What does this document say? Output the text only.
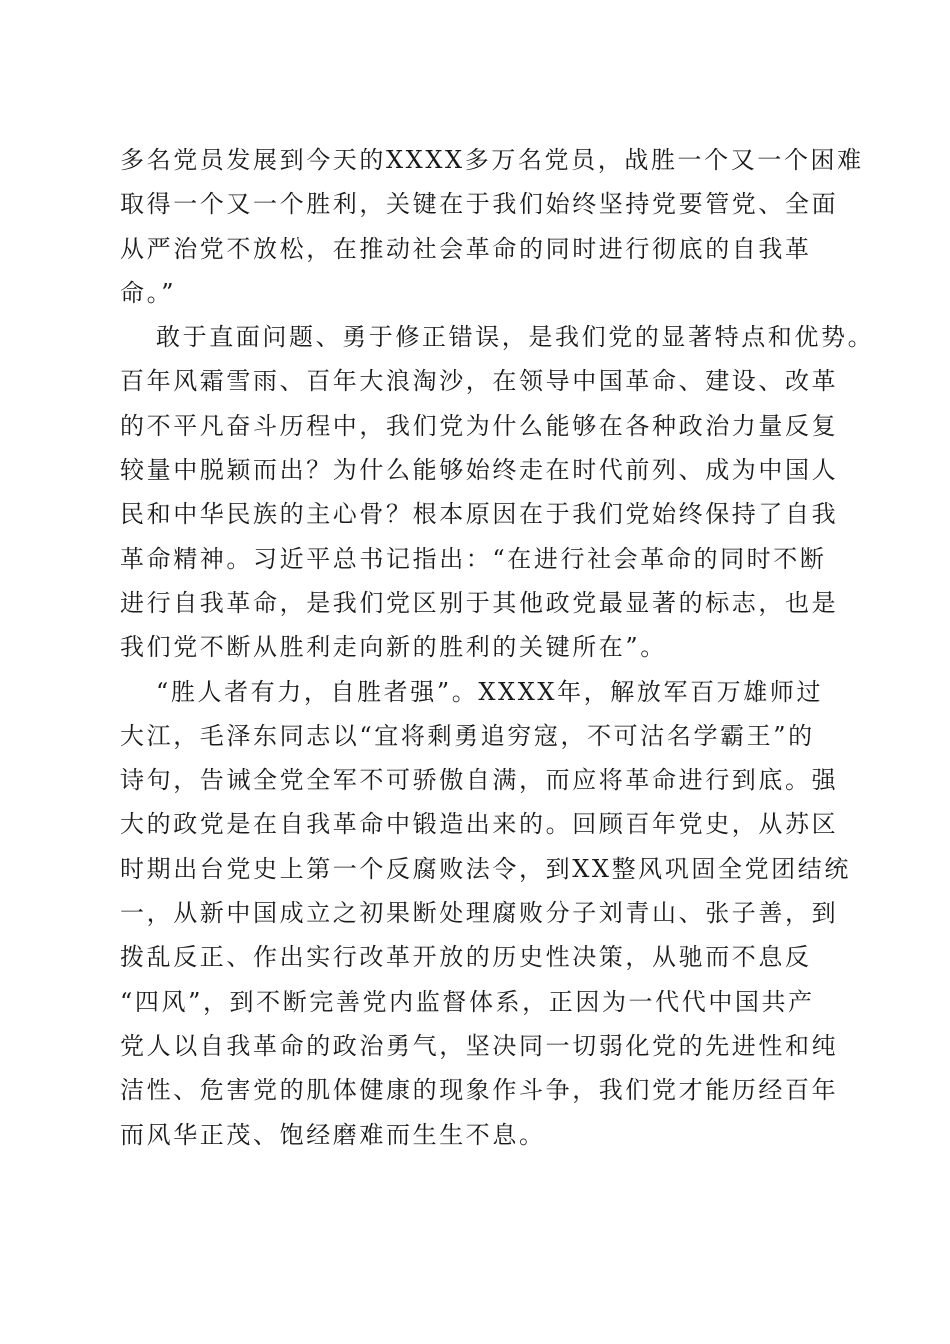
多名党员发展到今天的XXXX多万名党员，战胜一个又一个困难
取得一个又一个胜利，关键在于我们始终坚持党要管党、全面
从严治党不放松，在推动社会革命的同时进行彻底的自我革
命。”
敢于直面问题、勇于修正错误，是我们党的显著特点和优势。
百年风霜雪雨、百年大浪淘沙，在领导中国革命、建设、改革
的不平凡奋斗历程中，我们党为什么能够在各种政治力量反复
较量中脱颖而出？为什么能够始终走在时代前列、成为中国人
民和中华民族的主心骨？根本原因在于我们党始终保持了自我
革命精神。习近平总书记指出：“在进行社会革命的同时不断
进行自我革命，是我们党区别于其他政党最显著的标志，也是
我们党不断从胜利走向新的胜利的关键所在”。
“胜人者有力，自胜者强”。XXXX年，解放军百万雄师过
大江，毛泽东同志以“宜将剩勇追穷寇，不可沽名学霸王”的
诗句，告诫全党全军不可骄傲自满，而应将革命进行到底。强
大的政党是在自我革命中锻造出来的。回顾百年党史，从苏区
时期出台党史上第一个反腐败法令，到XX整风巩固全党团结统
一，从新中国成立之初果断处理腐败分子刘青山、张子善，到
拨乱反正、作出实行改革开放的历史性决策，从驰而不息反
“四风”，到不断完善党内监督体系，正因为一代代中国共产
党人以自我革命的政治勇气，坚决同一切弱化党的先进性和纯
洁性、危害党的肌体健康的现象作斗争，我们党才能历经百年
而风华正茂、饱经磨难而生生不息。
